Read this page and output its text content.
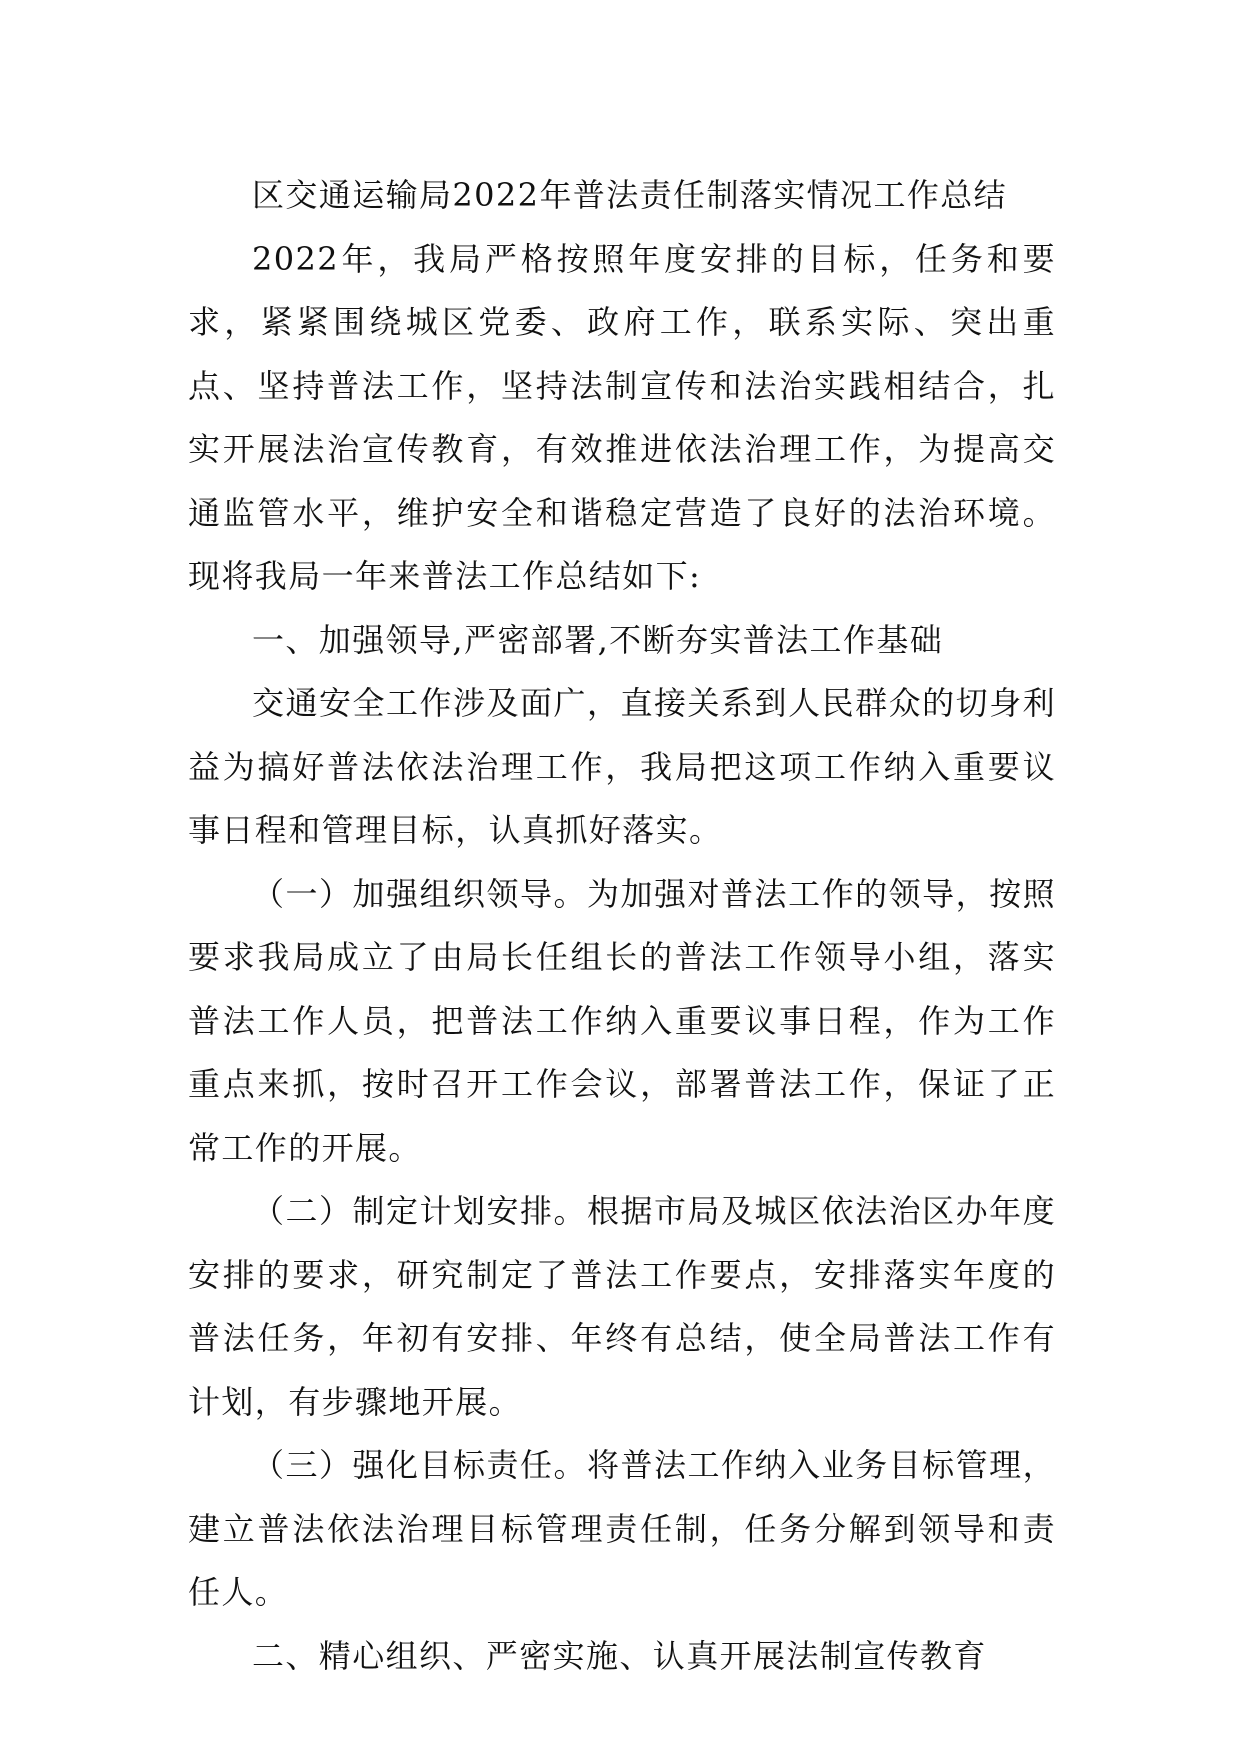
区交通运输局2022年普法责任制落实情况工作总结

2022年，我局严格按照年度安排的目标，任务和要求，紧紧围绕城区党委、政府工作，联系实际、突出重点、坚持普法工作，坚持法制宣传和法治实践相结合，扎实开展法治宣传教育，有效推进依法治理工作，为提高交通监管水平，维护安全和谐稳定营造了良好的法治环境。现将我局一年来普法工作总结如下:

一、加强领导,严密部署,不断夯实普法工作基础

交通安全工作涉及面广，直接关系到人民群众的切身利益为搞好普法依法治理工作，我局把这项工作纳入重要议事日程和管理目标，认真抓好落实。

（一）加强组织领导。为加强对普法工作的领导，按照要求我局成立了由局长任组长的普法工作领导小组，落实普法工作人员，把普法工作纳入重要议事日程，作为工作重点来抓，按时召开工作会议，部署普法工作，保证了正常工作的开展。

（二）制定计划安排。根据市局及城区依法治区办年度安排的要求，研究制定了普法工作要点，安排落实年度的普法任务，年初有安排、年终有总结，使全局普法工作有计划，有步骤地开展。

（三）强化目标责任。将普法工作纳入业务目标管理，建立普法依法治理目标管理责任制，任务分解到领导和责任人。

二、精心组织、严密实施、认真开展法制宣传教育
